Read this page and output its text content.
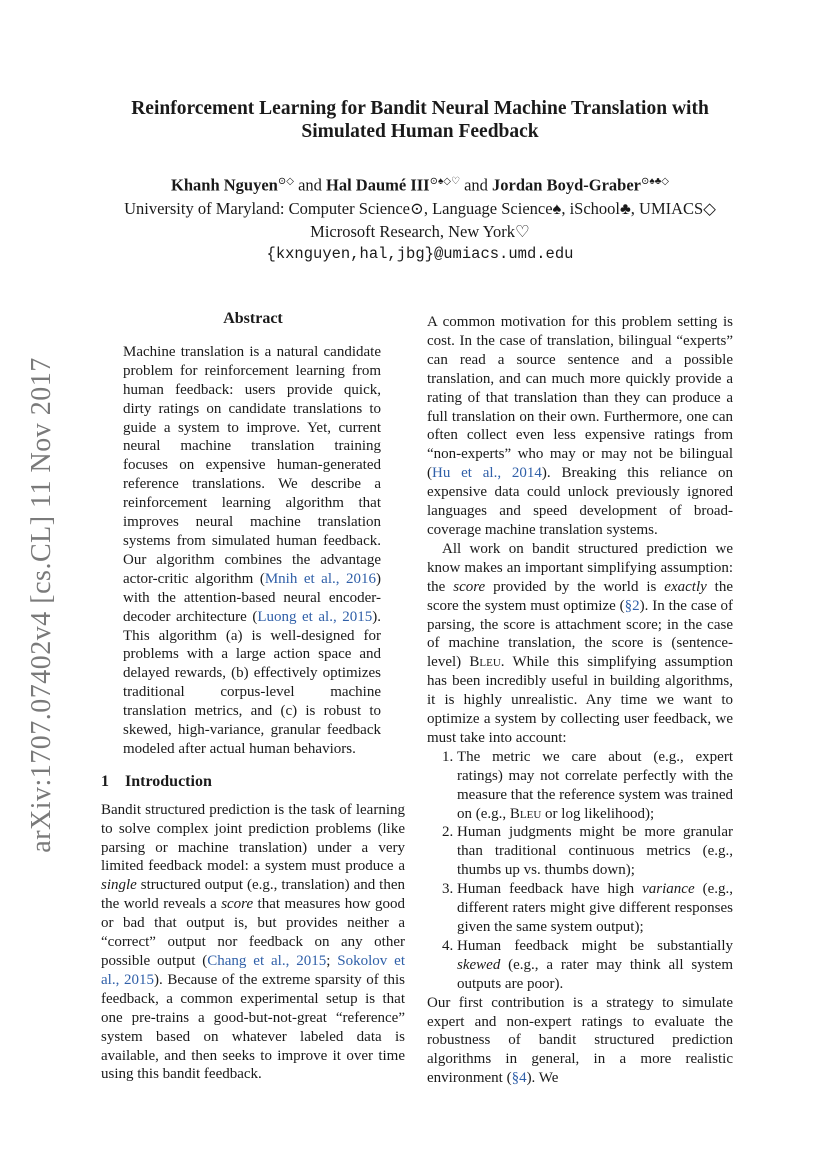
arXiv:1707.07402v4 [cs.CL] 11 Nov 2017
Reinforcement Learning for Bandit Neural Machine Translation with Simulated Human Feedback
Khanh Nguyen⊙◇ and Hal Daumé III⊙♠◇♡ and Jordan Boyd-Graber⊙♠♣◇
University of Maryland: Computer Science⊙, Language Science♠, iSchool♣, UMIACS◇
Microsoft Research, New York♡
{kxnguyen,hal,jbg}@umiacs.umd.edu
Abstract

Machine translation is a natural candidate problem for reinforcement learning from human feedback: users provide quick, dirty ratings on candidate translations to guide a system to improve. Yet, current neural machine translation training focuses on expensive human-generated reference translations. We describe a reinforcement learning algorithm that improves neural machine translation systems from simulated human feedback. Our algorithm combines the advantage actor-critic algorithm (Mnih et al., 2016) with the attention-based neural encoder-decoder architecture (Luong et al., 2015). This algorithm (a) is well-designed for problems with a large action space and delayed rewards, (b) effectively optimizes traditional corpus-level machine translation metrics, and (c) is robust to skewed, high-variance, granular feedback modeled after actual human behaviors.

1 Introduction

Bandit structured prediction is the task of learning to solve complex joint prediction problems (like parsing or machine translation) under a very limited feedback model: a system must produce a single structured output (e.g., translation) and then the world reveals a score that measures how good or bad that output is, but provides neither a “correct” output nor feedback on any other possible output (Chang et al., 2015; Sokolov et al., 2015). Because of the extreme sparsity of this feedback, a common experimental setup is that one pre-trains a good-but-not-great “reference” system based on whatever labeled data is available, and then seeks to improve it over time using this bandit feedback.

A common motivation for this problem setting is cost. In the case of translation, bilingual “experts” can read a source sentence and a possible translation, and can much more quickly provide a rating of that translation than they can produce a full translation on their own. Furthermore, one can often collect even less expensive ratings from “non-experts” who may or may not be bilingual (Hu et al., 2014). Breaking this reliance on expensive data could unlock previously ignored languages and speed development of broad-coverage machine translation systems.

All work on bandit structured prediction we know makes an important simplifying assumption: the score provided by the world is exactly the score the system must optimize (§2). In the case of parsing, the score is attachment score; in the case of machine translation, the score is (sentence-level) Bleu. While this simplifying assumption has been incredibly useful in building algorithms, it is highly unrealistic. Any time we want to optimize a system by collecting user feedback, we must take into account:

1. The metric we care about (e.g., expert ratings) may not correlate perfectly with the measure that the reference system was trained on (e.g., Bleu or log likelihood);
2. Human judgments might be more granular than traditional continuous metrics (e.g., thumbs up vs. thumbs down);
3. Human feedback have high variance (e.g., different raters might give different responses given the same system output);
4. Human feedback might be substantially skewed (e.g., a rater may think all system outputs are poor).

Our first contribution is a strategy to simulate expert and non-expert ratings to evaluate the robustness of bandit structured prediction algorithms in general, in a more realistic environment (§4). We
